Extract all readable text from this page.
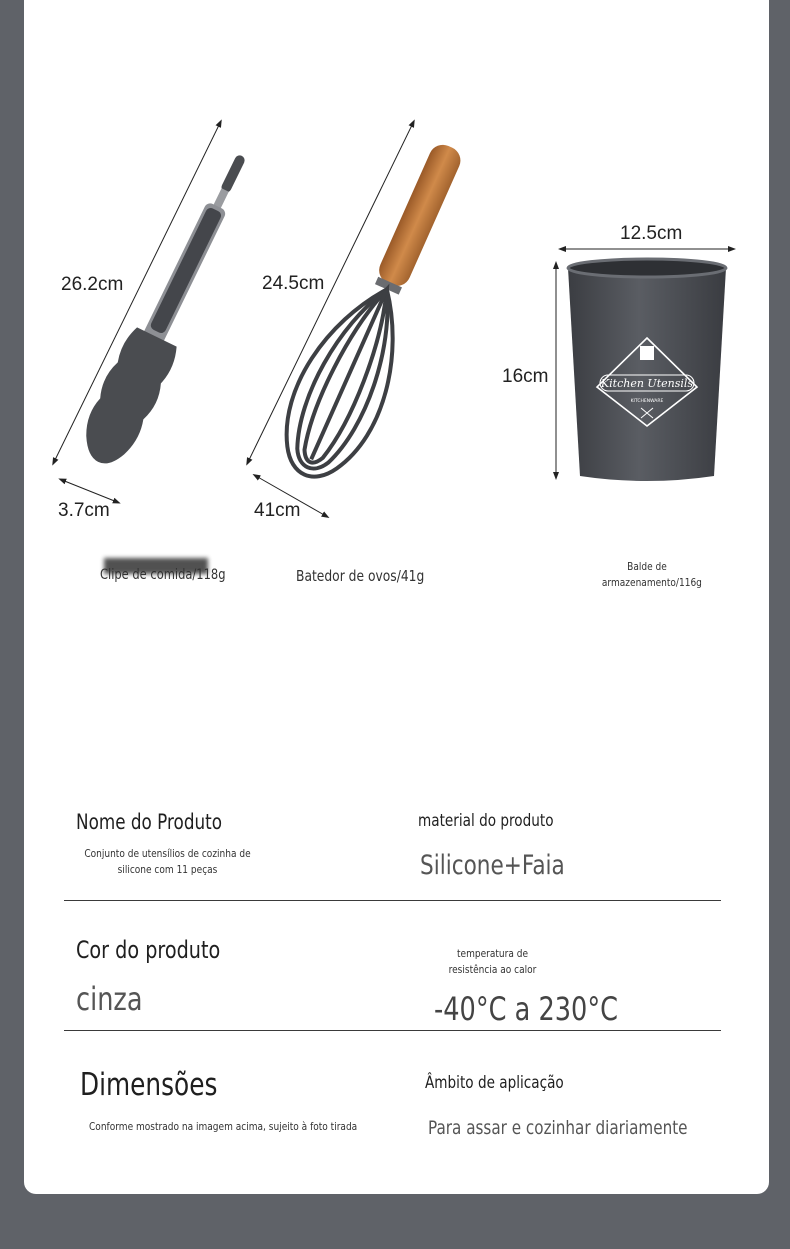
Kitchen Utensils
KITCHENWARE
26.2cm
3.7cm
24.5cm
41cm
12.5cm
16cm
Clipe de comida/118g	Batedor de ovos/41g
Balde de armazenamento/116g
Nome do Produto
Conjunto de utensílios de cozinha de silicone com 11 peças
material do produto
Silicone+Faia
Cor do produto
cinza
temperatura de resistência ao calor
-40°C a 230°C
Dimensões
Conforme mostrado na imagem acima, sujeito à foto tirada
Âmbito de aplicação
Para assar e cozinhar diariamente
